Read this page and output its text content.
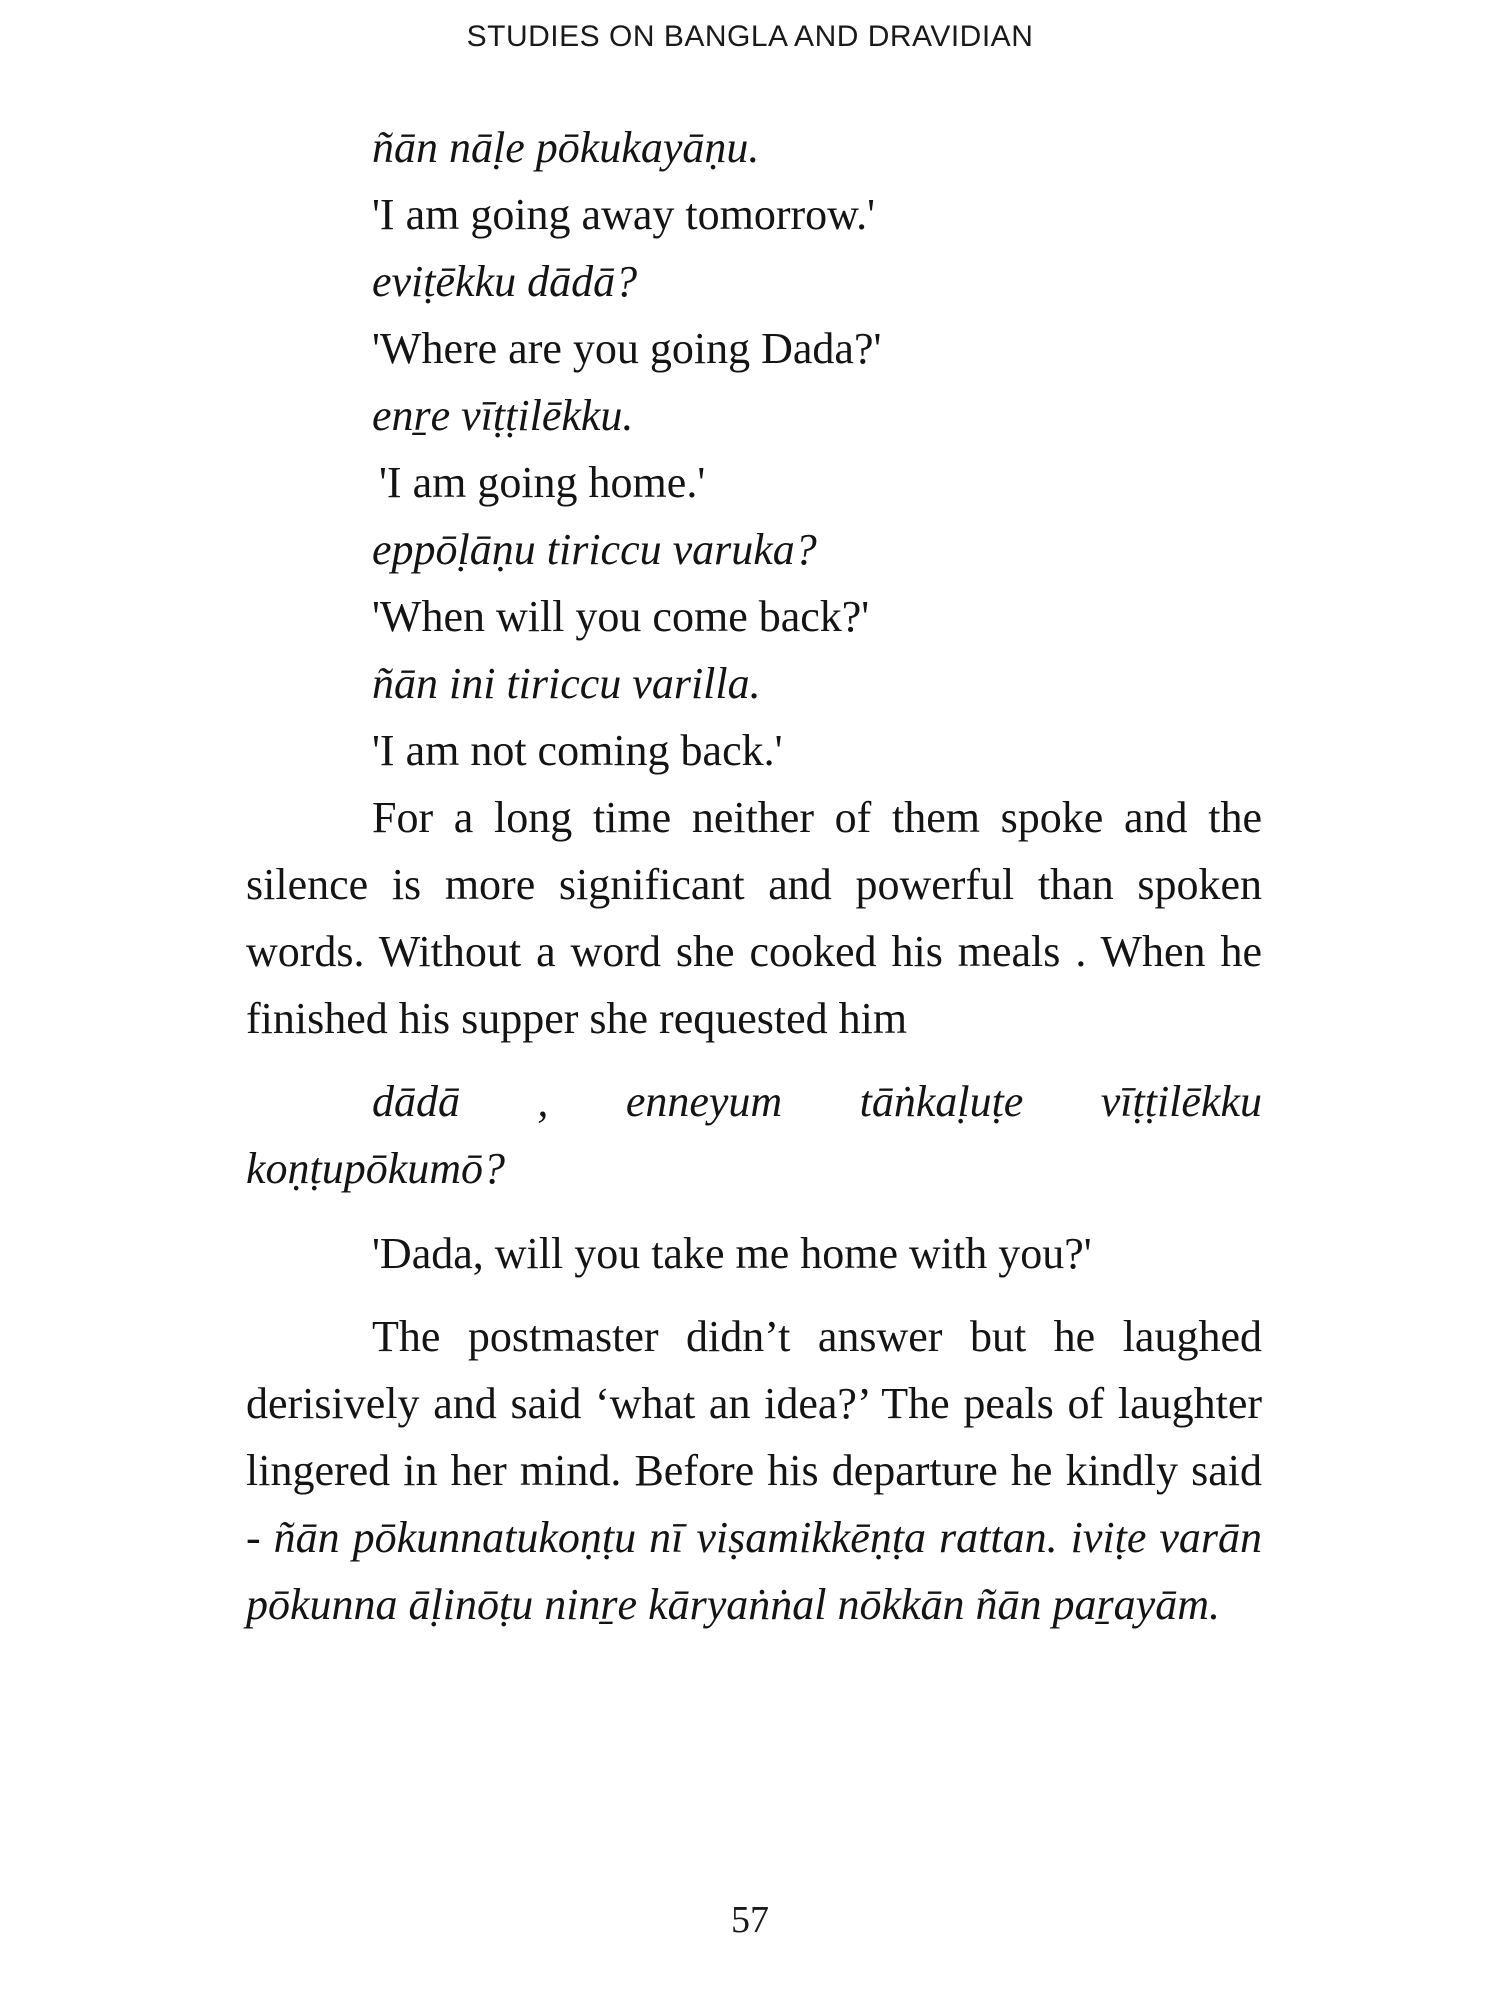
STUDIES ON BANGLA AND DRAVIDIAN

ñān nāḷe pōkukayāṇu.

'I am going away tomorrow.'

eviṭēkku dādā?

'Where are you going Dada?'

enṟe vīṭṭilēkku.

'I am going home.'

eppōḷāṇu tiriccu varuka?

'When will you come back?'

ñān ini tiriccu varilla.

'I am not coming back.'

For a long time neither of them spoke and the silence is more significant and powerful than spoken words. Without a word she cooked his meals . When he finished his supper she requested him

dādā , enneyum tāṅkaḷuṭe vīṭṭilēkku koṇṭupōkumō?

'Dada, will you take me home with you?'

The postmaster didn’t answer but he laughed derisively and said ‘what an idea?’ The peals of laughter lingered in her mind. Before his departure he kindly said - ñān pōkunnatukoṇṭu nī viṣamikkēṇṭa rattan. iviṭe varān pōkunna āḷinōṭu ninṟe kāryaṅṅal nōkkān ñān paṟayām.

57
